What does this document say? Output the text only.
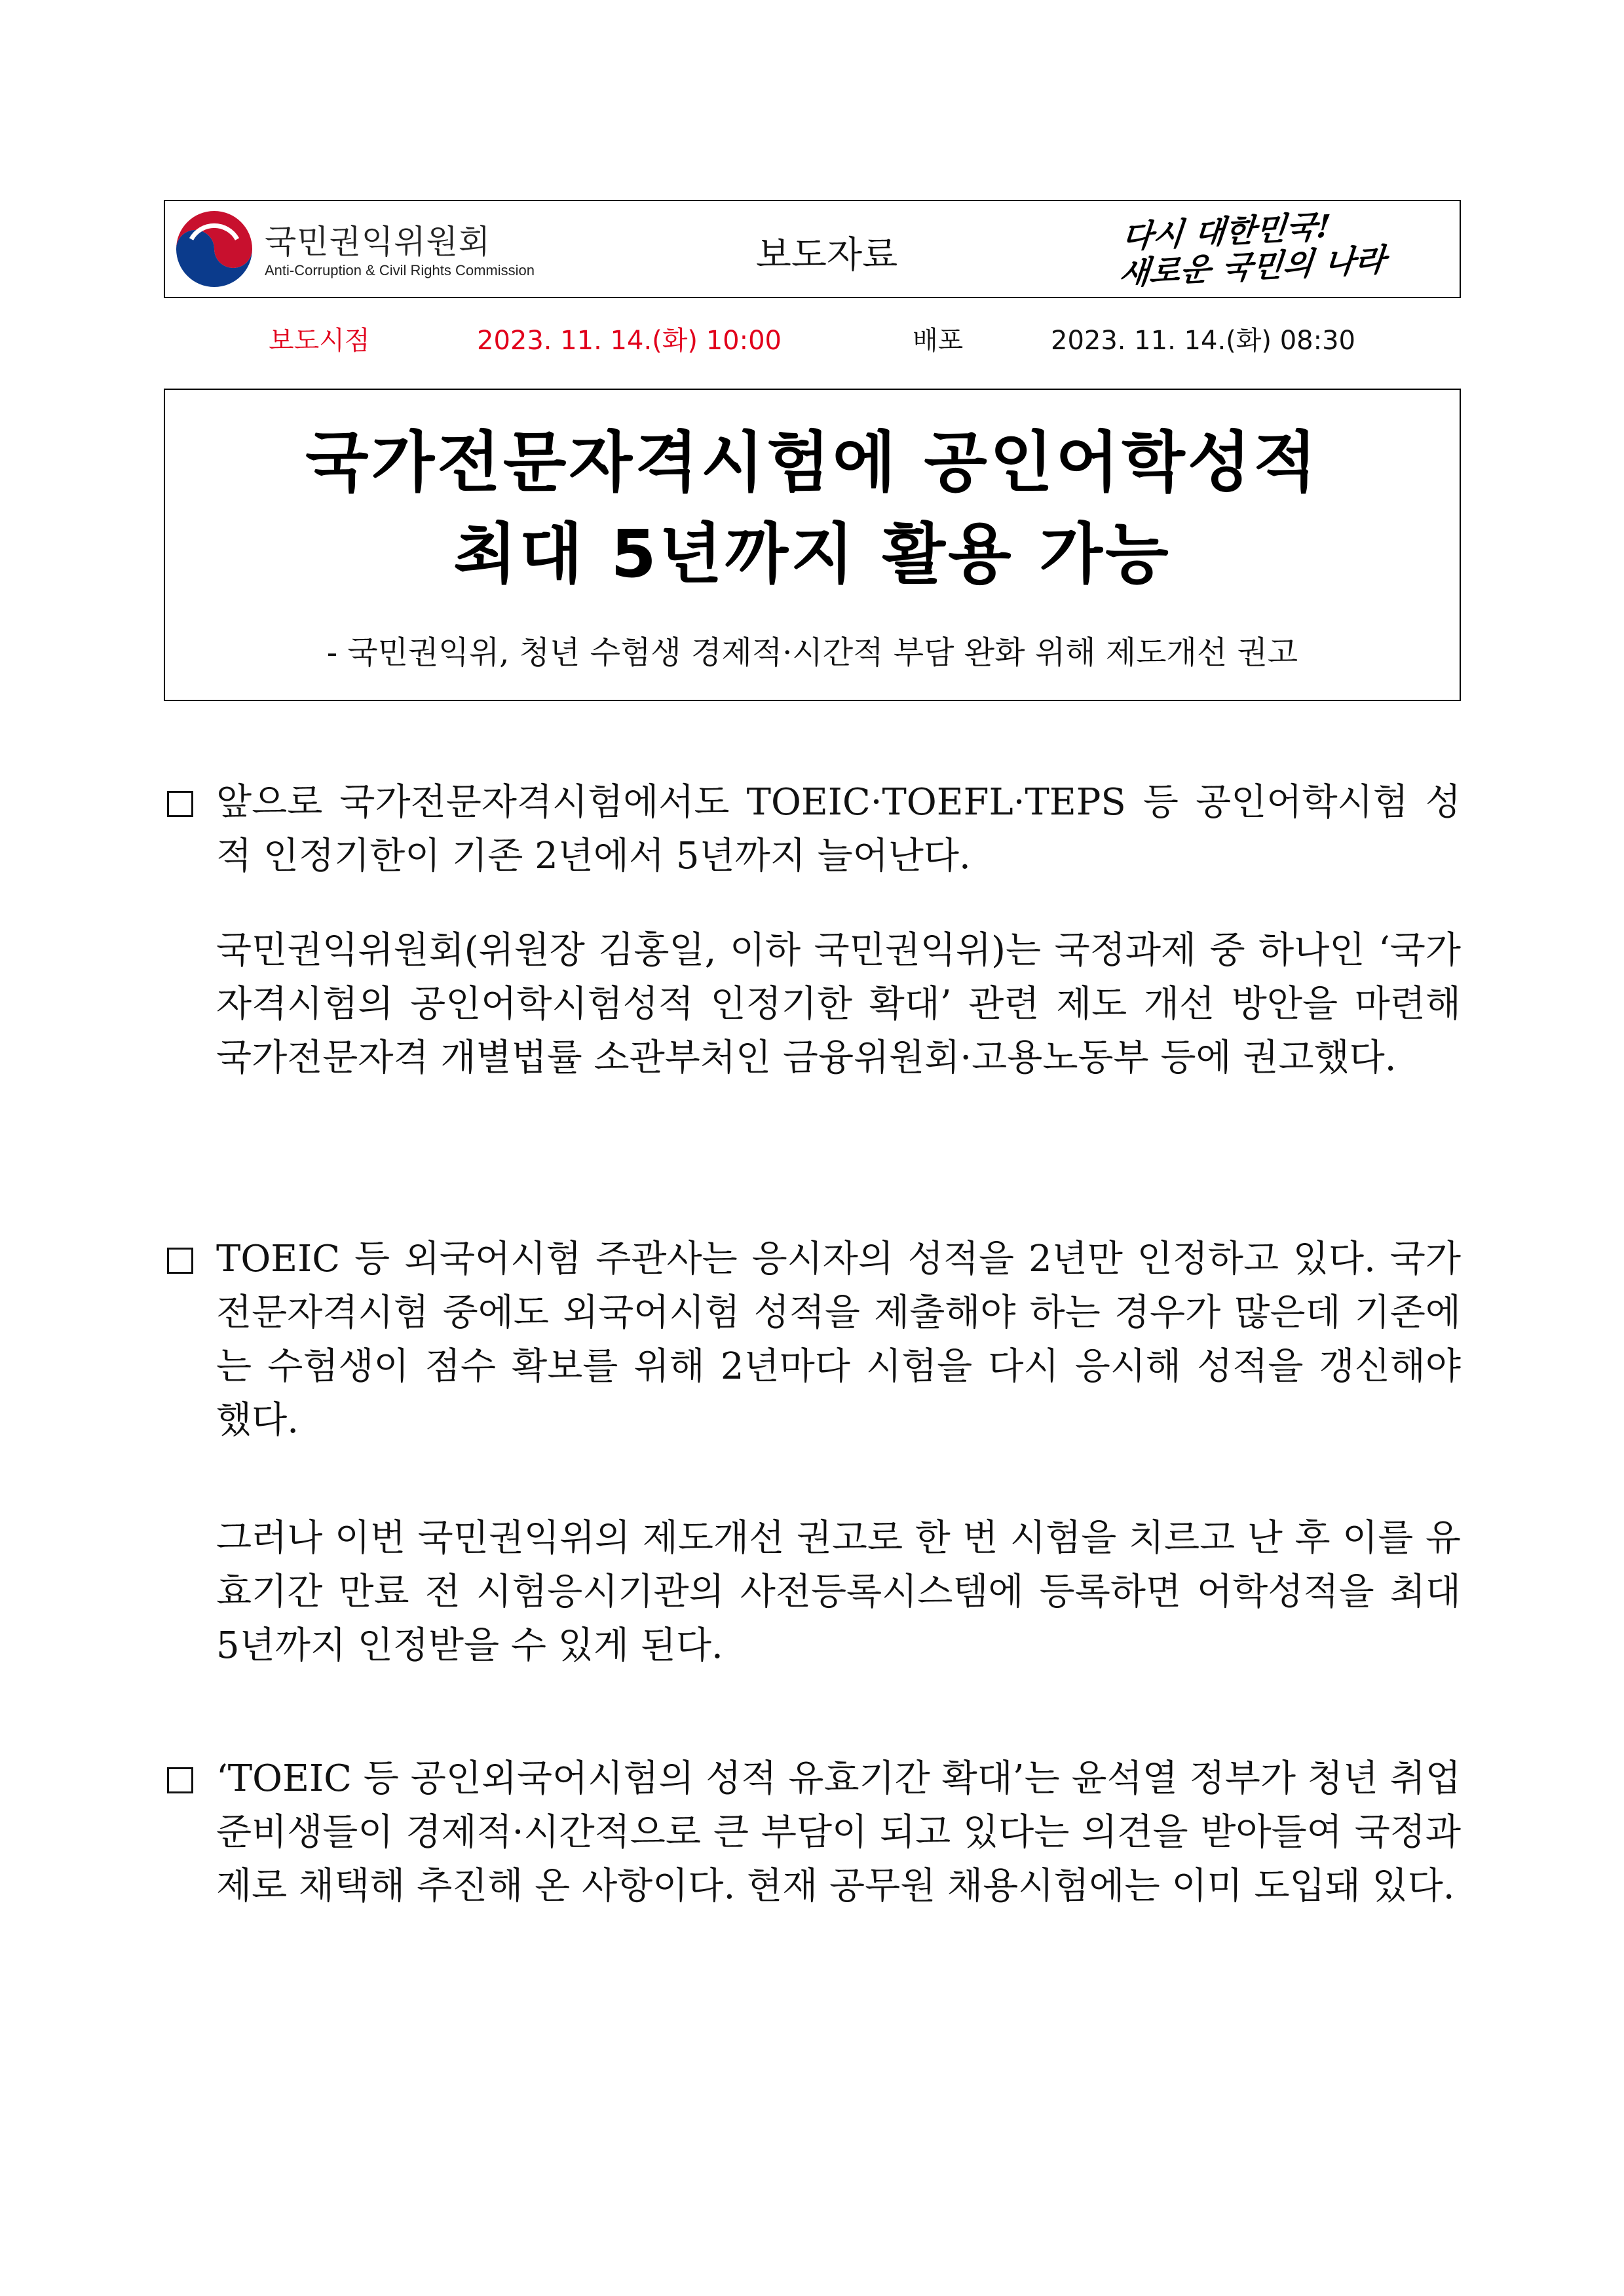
국민권익위원회
Anti-Corruption & Civil Rights Commission	보도자료	다시 대한민국!
새로운 국민의 나라
보도시점	2023. 11. 14.(화) 10:00	배포	2023. 11. 14.(화) 08:30
국가전문자격시험에 공인어학성적
최대 5년까지 활용 가능
- 국민권익위, 청년 수험생 경제적·시간적 부담 완화 위해 제도개선 권고

앞으로 국가전문자격시험에서도 TOEIC·TOEFL·TEPS 등 공인어학시험 성적 인정기한이 기존 2년에서 5년까지 늘어난다.

국민권익위원회(위원장 김홍일, 이하 국민권익위)는 국정과제 중 하나인 ‘국가자격시험의 공인어학시험성적 인정기한 확대’ 관련 제도 개선 방안을 마련해 국가전문자격 개별법률 소관부처인 금융위원회·고용노동부 등에 권고했다.

TOEIC 등 외국어시험 주관사는 응시자의 성적을 2년만 인정하고 있다. 국가전문자격시험 중에도 외국어시험 성적을 제출해야 하는 경우가 많은데 기존에는 수험생이 점수 확보를 위해 2년마다 시험을 다시 응시해 성적을 갱신해야 했다.

그러나 이번 국민권익위의 제도개선 권고로 한 번 시험을 치르고 난 후 이를 유효기간 만료 전 시험응시기관의 사전등록시스템에 등록하면 어학성적을 최대 5년까지 인정받을 수 있게 된다.

‘TOEIC 등 공인외국어시험의 성적 유효기간 확대’는 윤석열 정부가 청년 취업준비생들이 경제적·시간적으로 큰 부담이 되고 있다는 의견을 받아들여 국정과제로 채택해 추진해 온 사항이다. 현재 공무원 채용시험에는 이미 도입돼 있다.
